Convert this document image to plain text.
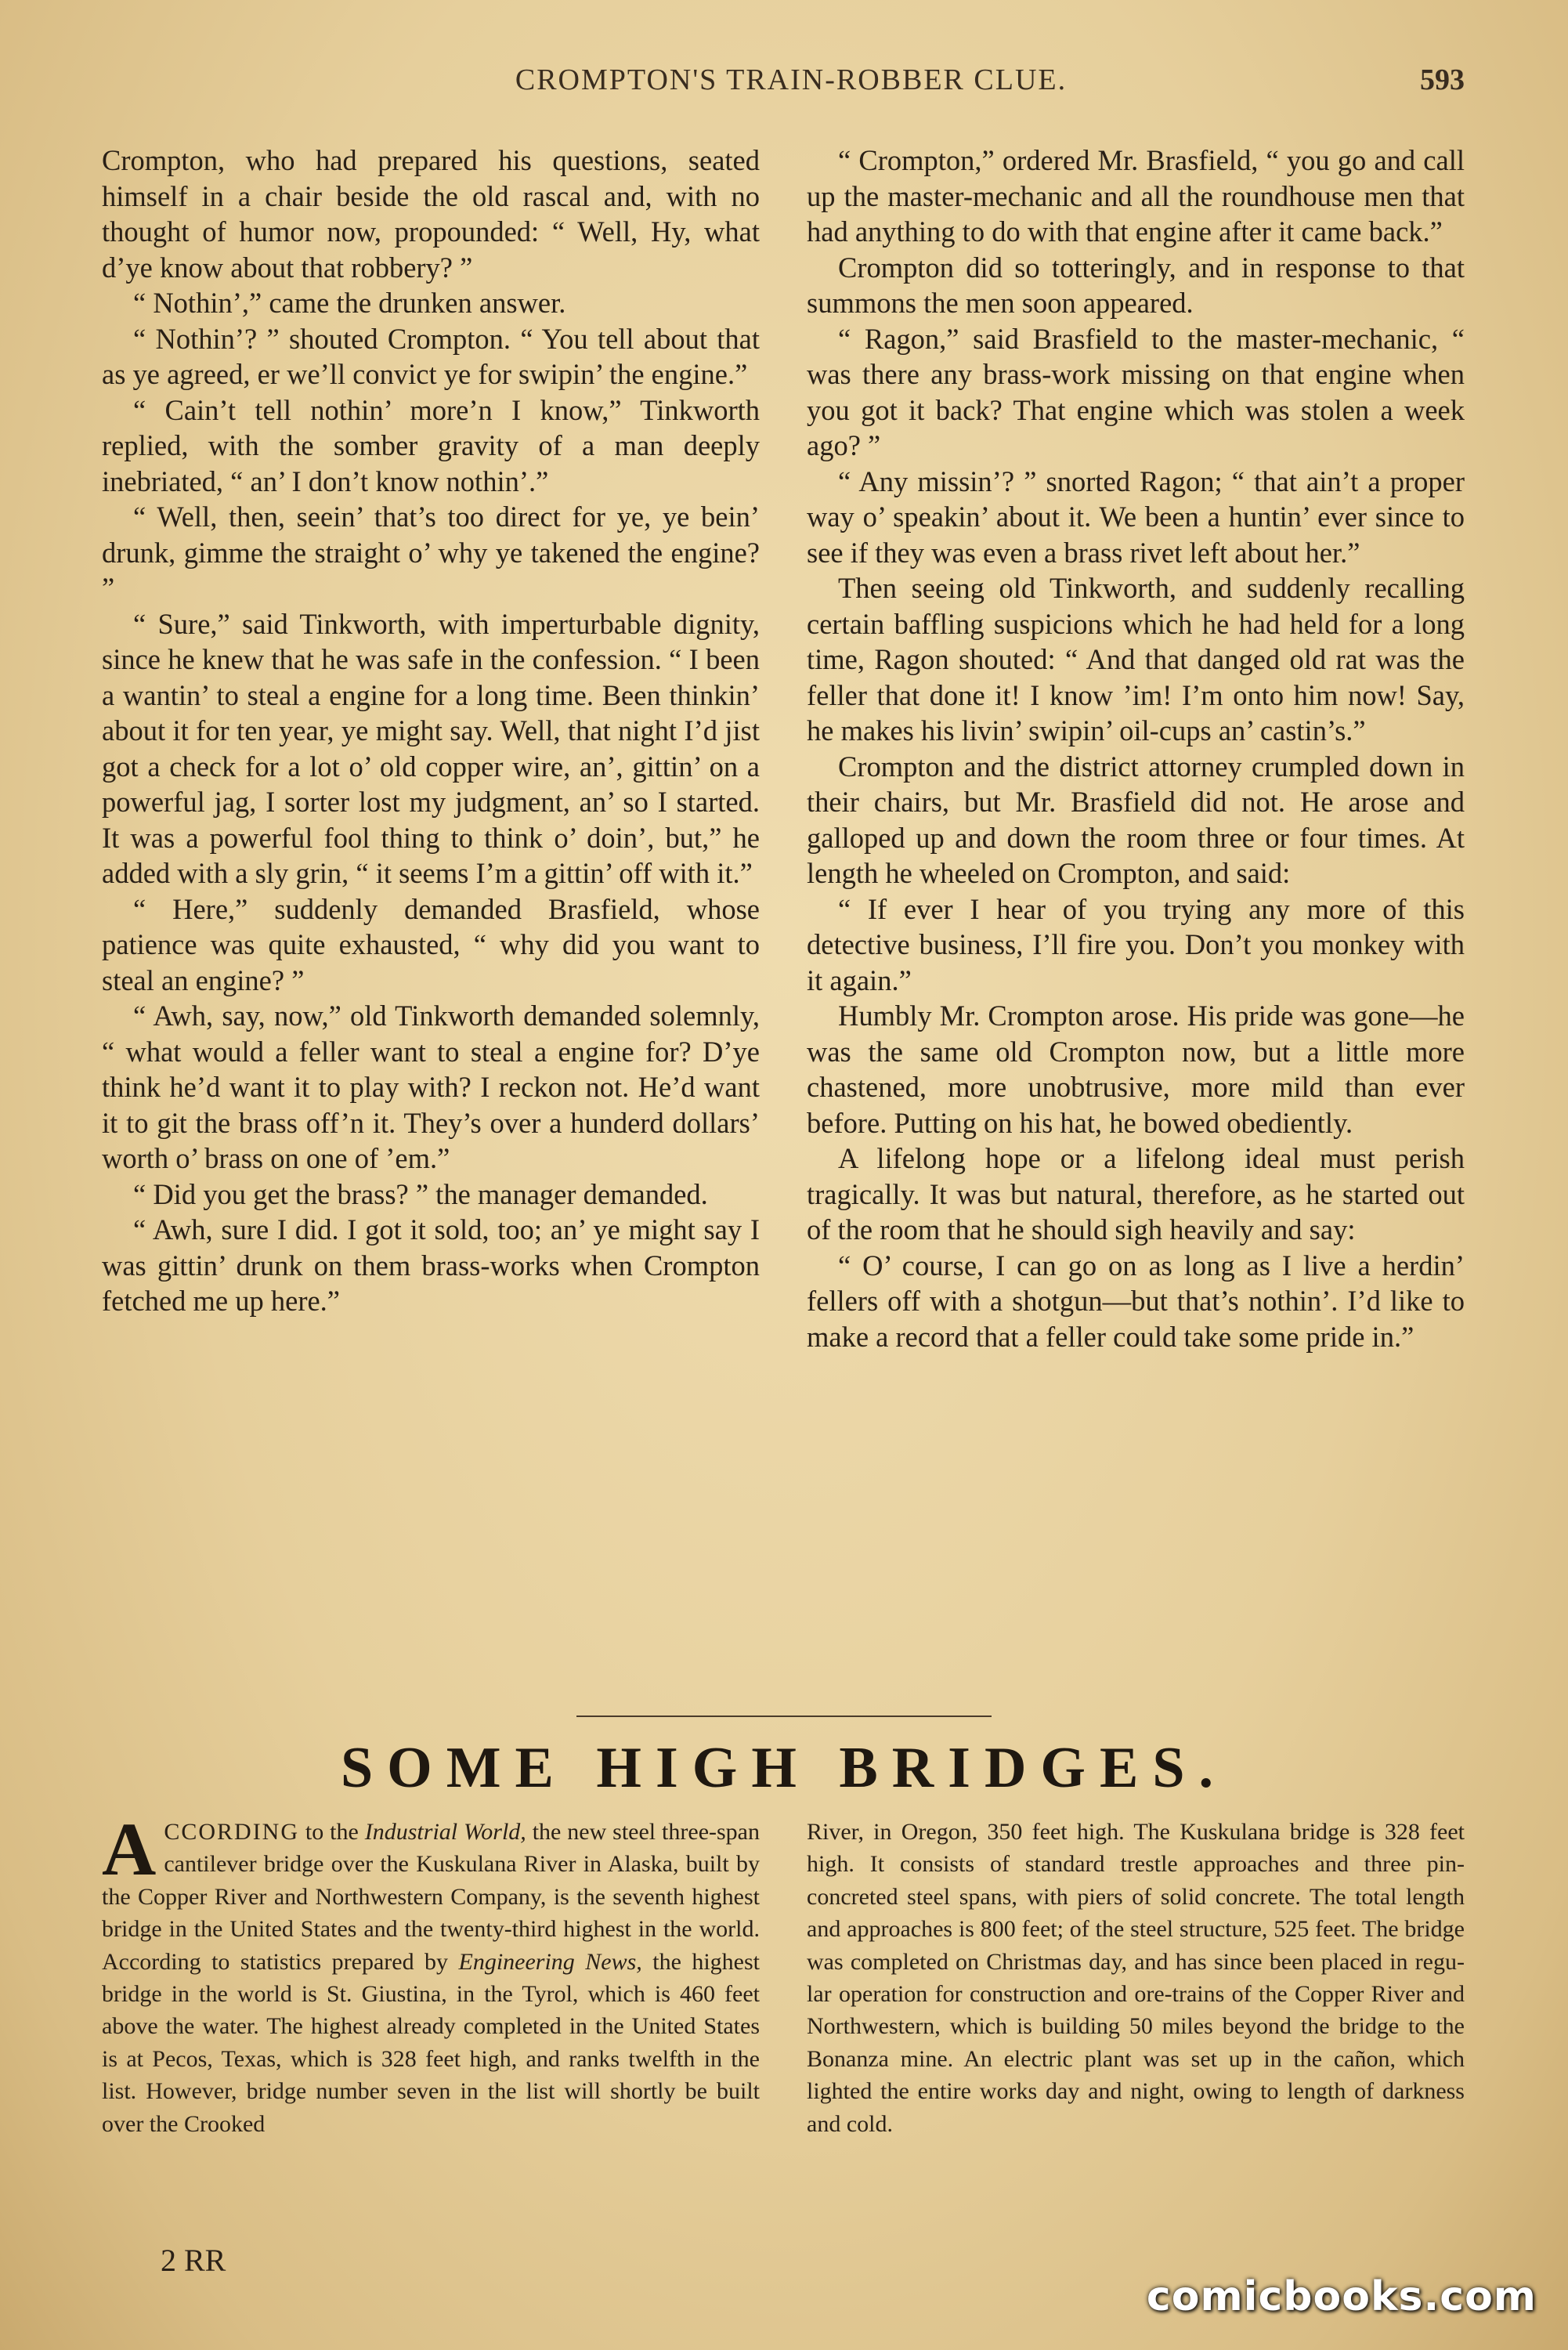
CROMPTON'S TRAIN-ROBBER CLUE.	593

Crompton, who had prepared his questions, seated himself in a chair beside the old rascal and, with no thought of humor now, propounded: “ Well, Hy, what d’ye know about that robbery? ”

“ Nothin’,” came the drunken answer.

“ Nothin’? ” shouted Crompton. “ You tell about that as ye agreed, er we’ll convict ye for swipin’ the engine.”

“ Cain’t tell nothin’ more’n I know,” Tinkworth replied, with the somber gravity of a man deeply inebriated, “ an’ I don’t know nothin’.”

“ Well, then, seein’ that’s too direct for ye, ye bein’ drunk, gimme the straight o’ why ye takened the engine? ”

“ Sure,” said Tinkworth, with imperturbable dignity, since he knew that he was safe in the confession. “ I been a wantin’ to steal a engine for a long time. Been thinkin’ about it for ten year, ye might say. Well, that night I’d jist got a check for a lot o’ old copper wire, an’, gittin’ on a powerful jag, I sorter lost my judgment, an’ so I started. It was a powerful fool thing to think o’ doin’, but,” he added with a sly grin, “ it seems I’m a gittin’ off with it.”

“ Here,” suddenly demanded Brasfield, whose patience was quite exhausted, “ why did you want to steal an engine? ”

“ Awh, say, now,” old Tinkworth demanded solemnly, “ what would a feller want to steal a engine for? D’ye think he’d want it to play with? I reckon not. He’d want it to git the brass off’n it. They’s over a hunderd dollars’ worth o’ brass on one of ’em.”

“ Did you get the brass? ” the manager demanded.

“ Awh, sure I did. I got it sold, too; an’ ye might say I was gittin’ drunk on them brass-works when Crompton fetched me up here.”

“ Crompton,” ordered Mr. Brasfield, “ you go and call up the master-mechanic and all the roundhouse men that had anything to do with that engine after it came back.”

Crompton did so totteringly, and in response to that summons the men soon appeared.

“ Ragon,” said Brasfield to the master-mechanic, “ was there any brass-work missing on that engine when you got it back? That engine which was stolen a week ago? ”

“ Any missin’? ” snorted Ragon; “ that ain’t a proper way o’ speakin’ about it. We been a huntin’ ever since to see if they was even a brass rivet left about her.”

Then seeing old Tinkworth, and suddenly recalling certain baffling suspicions which he had held for a long time, Ragon shouted: “ And that danged old rat was the feller that done it! I know ’im! I’m onto him now! Say, he makes his livin’ swipin’ oil-cups an’ castin’s.”

Crompton and the district attorney crumpled down in their chairs, but Mr. Brasfield did not. He arose and galloped up and down the room three or four times. At length he wheeled on Crompton, and said:

“ If ever I hear of you trying any more of this detective business, I’ll fire you. Don’t you monkey with it again.”

Humbly Mr. Crompton arose. His pride was gone—he was the same old Crompton now, but a little more chastened, more unobtrusive, more mild than ever before. Putting on his hat, he bowed obediently.

A lifelong hope or a lifelong ideal must perish tragically. It was but natural, therefore, as he started out of the room that he should sigh heavily and say:

“ O’ course, I can go on as long as I live a herdin’ fellers off with a shotgun—but that’s nothin’. I’d like to make a record that a feller could take some pride in.”

SOME HIGH BRIDGES.

ACCORDING to the Industrial World, the new steel three-span cantilever bridge over the Kuskulana River in Alaska, built by the Copper River and Northwestern Company, is the seventh highest bridge in the United States and the twenty-third highest in the world. According to statistics prepared by Engineering News, the highest bridge in the world is St. Giustina, in the Tyrol, which is 460 feet above the water. The highest already completed in the United States is at Pecos, Texas, which is 328 feet high, and ranks twelfth in the list. However, bridge number seven in the list will shortly be built over the Crooked

River, in Oregon, 350 feet high. The Kuskulana bridge is 328 feet high. It consists of standard trestle approaches and three pin-concreted steel spans, with piers of solid concrete. The total length and approaches is 800 feet; of the steel structure, 525 feet. The bridge was completed on Christmas day, and has since been placed in regular operation for construction and ore-trains of the Copper River and Northwestern, which is building 50 miles beyond the bridge to the Bonanza mine. An electric plant was set up in the cañon, which lighted the entire works day and night, owing to length of darkness and cold.

2 RR
comicbooks.com
